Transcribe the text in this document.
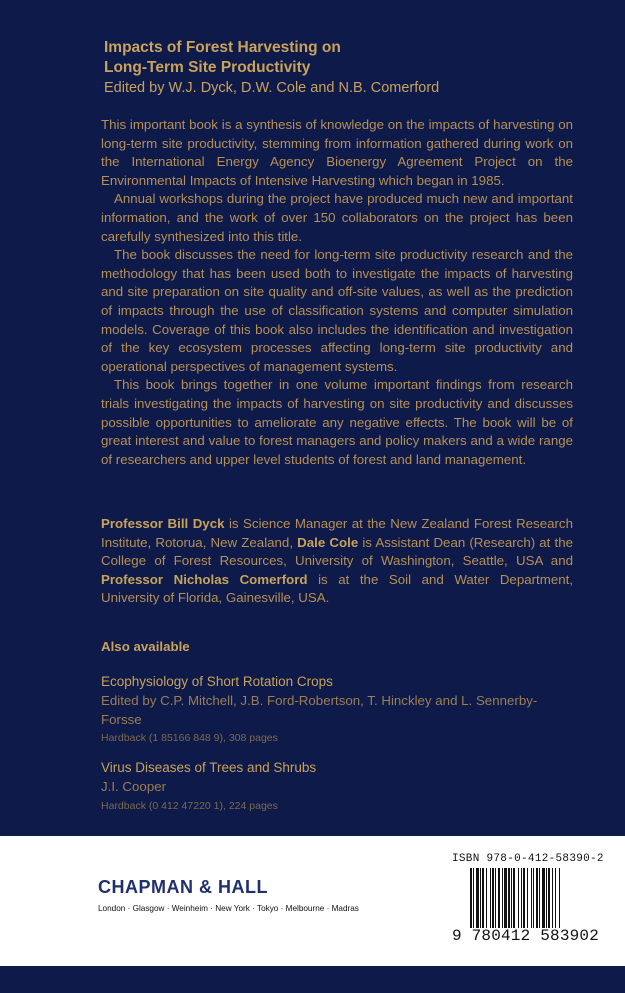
Impacts of Forest Harvesting on
Long-Term Site Productivity
Edited by W.J. Dyck, D.W. Cole and N.B. Comerford

This important book is a synthesis of knowledge on the impacts of harvesting on long-term site productivity, stemming from information gathered during work on the International Energy Agency Bioenergy Agreement Project on the Environmental Impacts of Intensive Harvesting which began in 1985.

Annual workshops during the project have produced much new and important information, and the work of over 150 collaborators on the project has been carefully synthesized into this title.

The book discusses the need for long-term site productivity research and the methodology that has been used both to investigate the impacts of harvesting and site preparation on site quality and off-site values, as well as the prediction of impacts through the use of classification systems and computer simulation models. Coverage of this book also includes the identification and investigation of the key ecosystem processes affecting long-term site productivity and operational perspectives of management systems.

This book brings together in one volume important findings from research trials investigating the impacts of harvesting on site productivity and discusses possible opportunities to ameliorate any negative effects. The book will be of great interest and value to forest managers and policy makers and a wide range of researchers and upper level students of forest and land management.

Professor Bill Dyck is Science Manager at the New Zealand Forest Research Institute, Rotorua, New Zealand, Dale Cole is Assistant Dean (Research) at the College of Forest Resources, University of Washington, Seattle, USA and Professor Nicholas Comerford is at the Soil and Water Department, University of Florida, Gainesville, USA.
Also available
Ecophysiology of Short Rotation Crops
Edited by C.P. Mitchell, J.B. Ford-Robertson, T. Hinckley and L. Sennerby-Forsse
Hardback (1 85166 848 9), 308 pages
Virus Diseases of Trees and Shrubs
J.I. Cooper
Hardback (0 412 47220 1), 224 pages
CHAPMAN & HALL
London · Glasgow · Weinheim · New York · Tokyo · Melbourne · Madras
ISBN 978-0-412-58390-2
9 780412 583902
